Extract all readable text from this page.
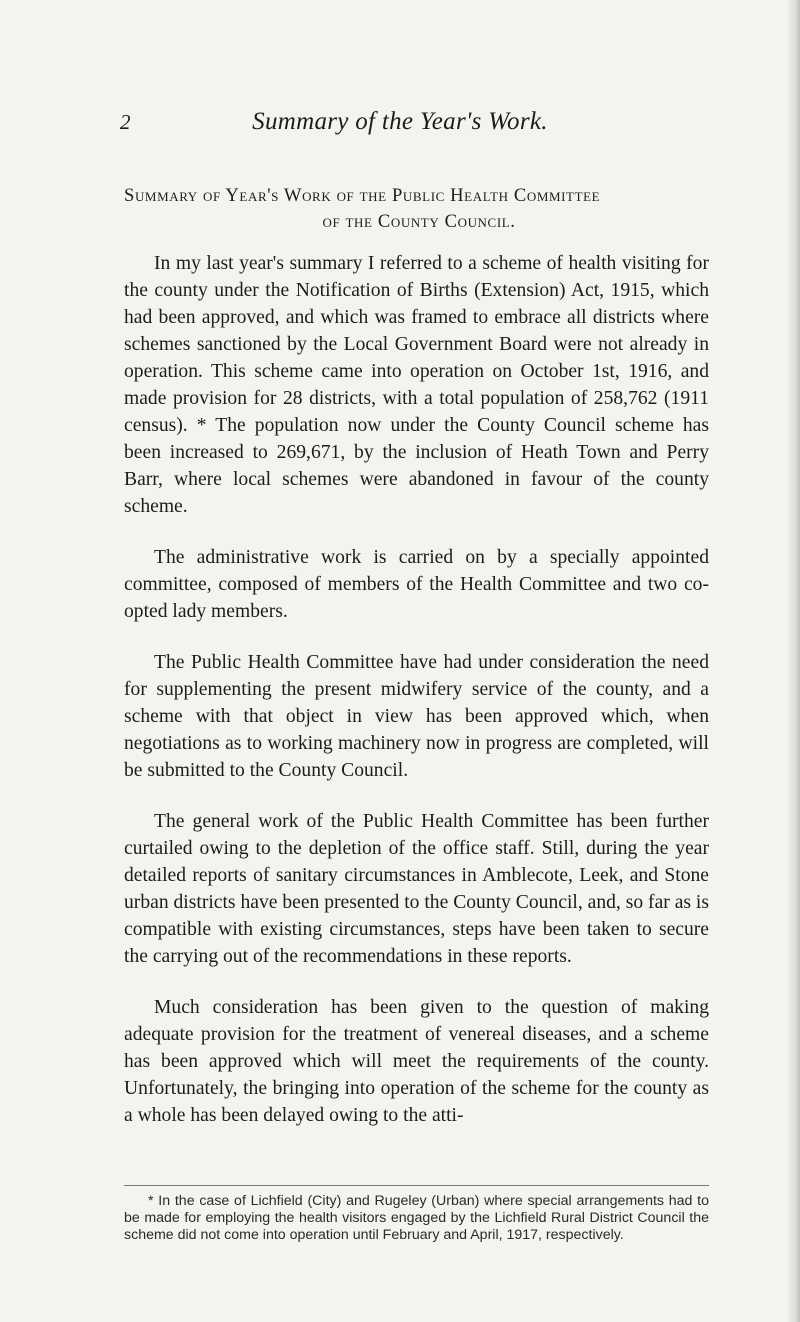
2	Summary of the Year's Work.
Summary of Year's Work of the Public Health Committee
of the County Council.

In my last year's summary I referred to a scheme of health visiting for the county under the Notification of Births (Extension) Act, 1915, which had been approved, and which was framed to embrace all districts where schemes sanctioned by the Local Government Board were not already in operation. This scheme came into operation on October 1st, 1916, and made provision for 28 districts, with a total population of 258,762 (1911 census). * The population now under the County Council scheme has been increased to 269,671, by the inclusion of Heath Town and Perry Barr, where local schemes were abandoned in favour of the county scheme.

The administrative work is carried on by a specially appointed committee, composed of members of the Health Committee and two co-opted lady members.

The Public Health Committee have had under consideration the need for supplementing the present midwifery service of the county, and a scheme with that object in view has been approved which, when negotiations as to working machinery now in progress are completed, will be submitted to the County Council.

The general work of the Public Health Committee has been further curtailed owing to the depletion of the office staff. Still, during the year detailed reports of sanitary circumstances in Amblecote, Leek, and Stone urban districts have been presented to the County Council, and, so far as is compatible with existing circumstances, steps have been taken to secure the carrying out of the recommendations in these reports.

Much consideration has been given to the question of making adequate provision for the treatment of venereal diseases, and a scheme has been approved which will meet the requirements of the county. Unfortunately, the bringing into operation of the scheme for the county as a whole has been delayed owing to the atti-

* In the case of Lichfield (City) and Rugeley (Urban) where special arrangements had to be made for employing the health visitors engaged by the Lichfield Rural District Council the scheme did not come into operation until February and April, 1917, respectively.
